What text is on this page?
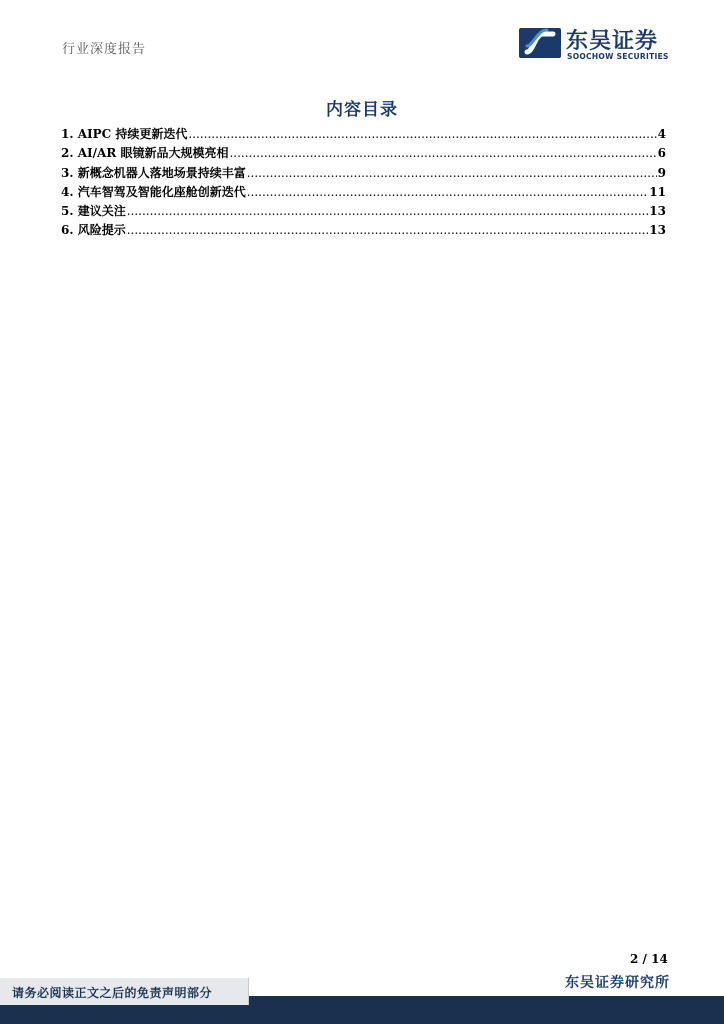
行业深度报告	东吴证券
SOOCHOW SECURITIES
内容目录
1. AIPC 持续更新迭代 .....	4
2. AI/AR 眼镜新品大规模亮相 .....	6
3. 新概念机器人落地场景持续丰富 .....	9
4. 汽车智驾及智能化座舱创新迭代 .....	11
5. 建议关注 .....	13
6. 风险提示 .....	13
2 / 14
东吴证券研究所
请务必阅读正文之后的免责声明部分
